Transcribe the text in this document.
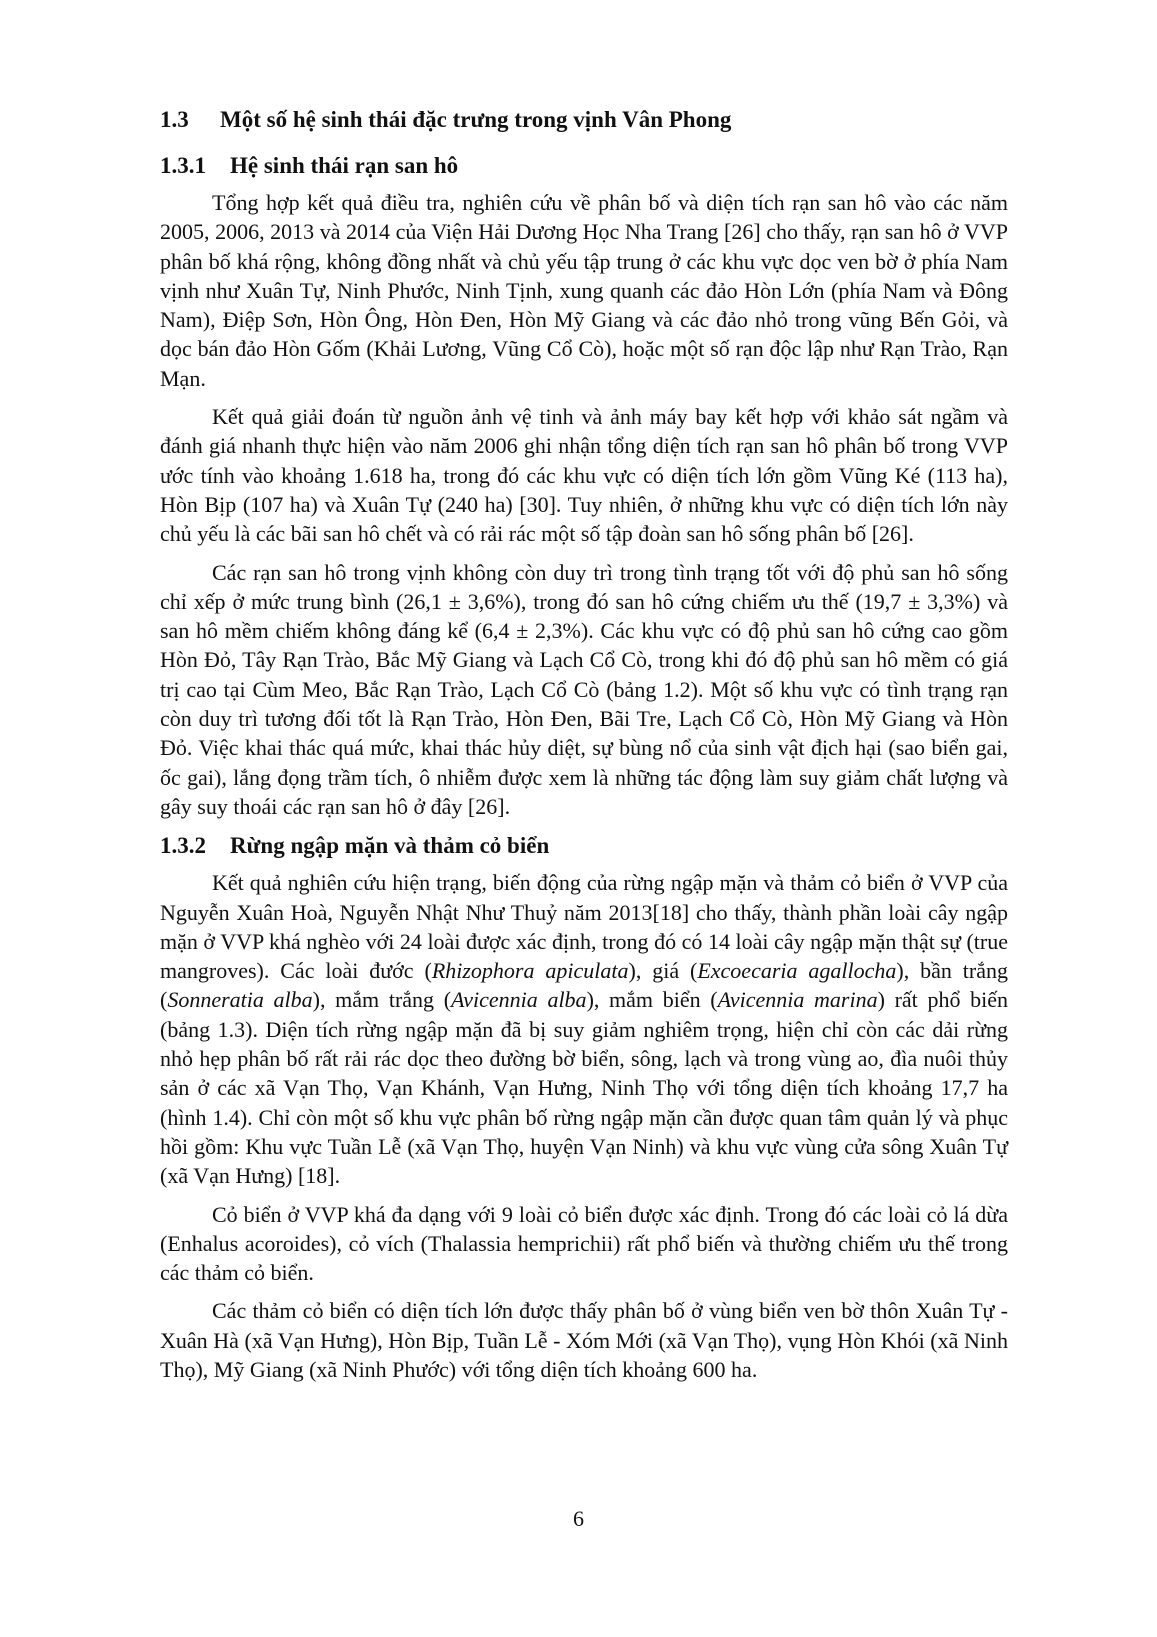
1.3 Một số hệ sinh thái đặc trưng trong vịnh Vân Phong
1.3.1 Hệ sinh thái rạn san hô

Tổng hợp kết quả điều tra, nghiên cứu về phân bố và diện tích rạn san hô vào các năm 2005, 2006, 2013 và 2014 của Viện Hải Dương Học Nha Trang [26] cho thấy, rạn san hô ở VVP phân bố khá rộng, không đồng nhất và chủ yếu tập trung ở các khu vực dọc ven bờ ở phía Nam vịnh như Xuân Tự, Ninh Phước, Ninh Tịnh, xung quanh các đảo Hòn Lớn (phía Nam và Đông Nam), Điệp Sơn, Hòn Ông, Hòn Đen, Hòn Mỹ Giang và các đảo nhỏ trong vũng Bến Gỏi, và dọc bán đảo Hòn Gốm (Khải Lương, Vũng Cổ Cò), hoặc một số rạn độc lập như Rạn Trào, Rạn Mạn.

Kết quả giải đoán từ nguồn ảnh vệ tinh và ảnh máy bay kết hợp với khảo sát ngầm và đánh giá nhanh thực hiện vào năm 2006 ghi nhận tổng diện tích rạn san hô phân bố trong VVP ước tính vào khoảng 1.618 ha, trong đó các khu vực có diện tích lớn gồm Vũng Ké (113 ha), Hòn Bịp (107 ha) và Xuân Tự (240 ha) [30]. Tuy nhiên, ở những khu vực có diện tích lớn này chủ yếu là các bãi san hô chết và có rải rác một số tập đoàn san hô sống phân bố [26].

Các rạn san hô trong vịnh không còn duy trì trong tình trạng tốt với độ phủ san hô sống chỉ xếp ở mức trung bình (26,1 ± 3,6%), trong đó san hô cứng chiếm ưu thế (19,7 ± 3,3%) và san hô mềm chiếm không đáng kể (6,4 ± 2,3%). Các khu vực có độ phủ san hô cứng cao gồm Hòn Đỏ, Tây Rạn Trào, Bắc Mỹ Giang và Lạch Cổ Cò, trong khi đó độ phủ san hô mềm có giá trị cao tại Cùm Meo, Bắc Rạn Trào, Lạch Cổ Cò (bảng 1.2). Một số khu vực có tình trạng rạn còn duy trì tương đối tốt là Rạn Trào, Hòn Đen, Bãi Tre, Lạch Cổ Cò, Hòn Mỹ Giang và Hòn Đỏ. Việc khai thác quá mức, khai thác hủy diệt, sự bùng nổ của sinh vật địch hại (sao biển gai, ốc gai), lắng đọng trầm tích, ô nhiễm được xem là những tác động làm suy giảm chất lượng và gây suy thoái các rạn san hô ở đây [26].

1.3.2 Rừng ngập mặn và thảm cỏ biển

Kết quả nghiên cứu hiện trạng, biến động của rừng ngập mặn và thảm cỏ biển ở VVP của Nguyễn Xuân Hoà, Nguyễn Nhật Như Thuỷ năm 2013[18] cho thấy, thành phần loài cây ngập mặn ở VVP khá nghèo với 24 loài được xác định, trong đó có 14 loài cây ngập mặn thật sự (true mangroves). Các loài đước (Rhizophora apiculata), giá (Excoecaria agallocha), bần trắng (Sonneratia alba), mắm trắng (Avicennia alba), mắm biển (Avicennia marina) rất phổ biến (bảng 1.3). Diện tích rừng ngập mặn đã bị suy giảm nghiêm trọng, hiện chỉ còn các dải rừng nhỏ hẹp phân bố rất rải rác dọc theo đường bờ biển, sông, lạch và trong vùng ao, đìa nuôi thủy sản ở các xã Vạn Thọ, Vạn Khánh, Vạn Hưng, Ninh Thọ với tổng diện tích khoảng 17,7 ha (hình 1.4). Chỉ còn một số khu vực phân bố rừng ngập mặn cần được quan tâm quản lý và phục hồi gồm: Khu vực Tuần Lễ (xã Vạn Thọ, huyện Vạn Ninh) và khu vực vùng cửa sông Xuân Tự (xã Vạn Hưng) [18].

Cỏ biển ở VVP khá đa dạng với 9 loài cỏ biển được xác định. Trong đó các loài cỏ lá dừa (Enhalus acoroides), cỏ vích (Thalassia hemprichii) rất phổ biến và thường chiếm ưu thế trong các thảm cỏ biển.

Các thảm cỏ biển có diện tích lớn được thấy phân bố ở vùng biển ven bờ thôn Xuân Tự - Xuân Hà (xã Vạn Hưng), Hòn Bịp, Tuần Lễ - Xóm Mới (xã Vạn Thọ), vụng Hòn Khói (xã Ninh Thọ), Mỹ Giang (xã Ninh Phước) với tổng diện tích khoảng 600 ha.

6
